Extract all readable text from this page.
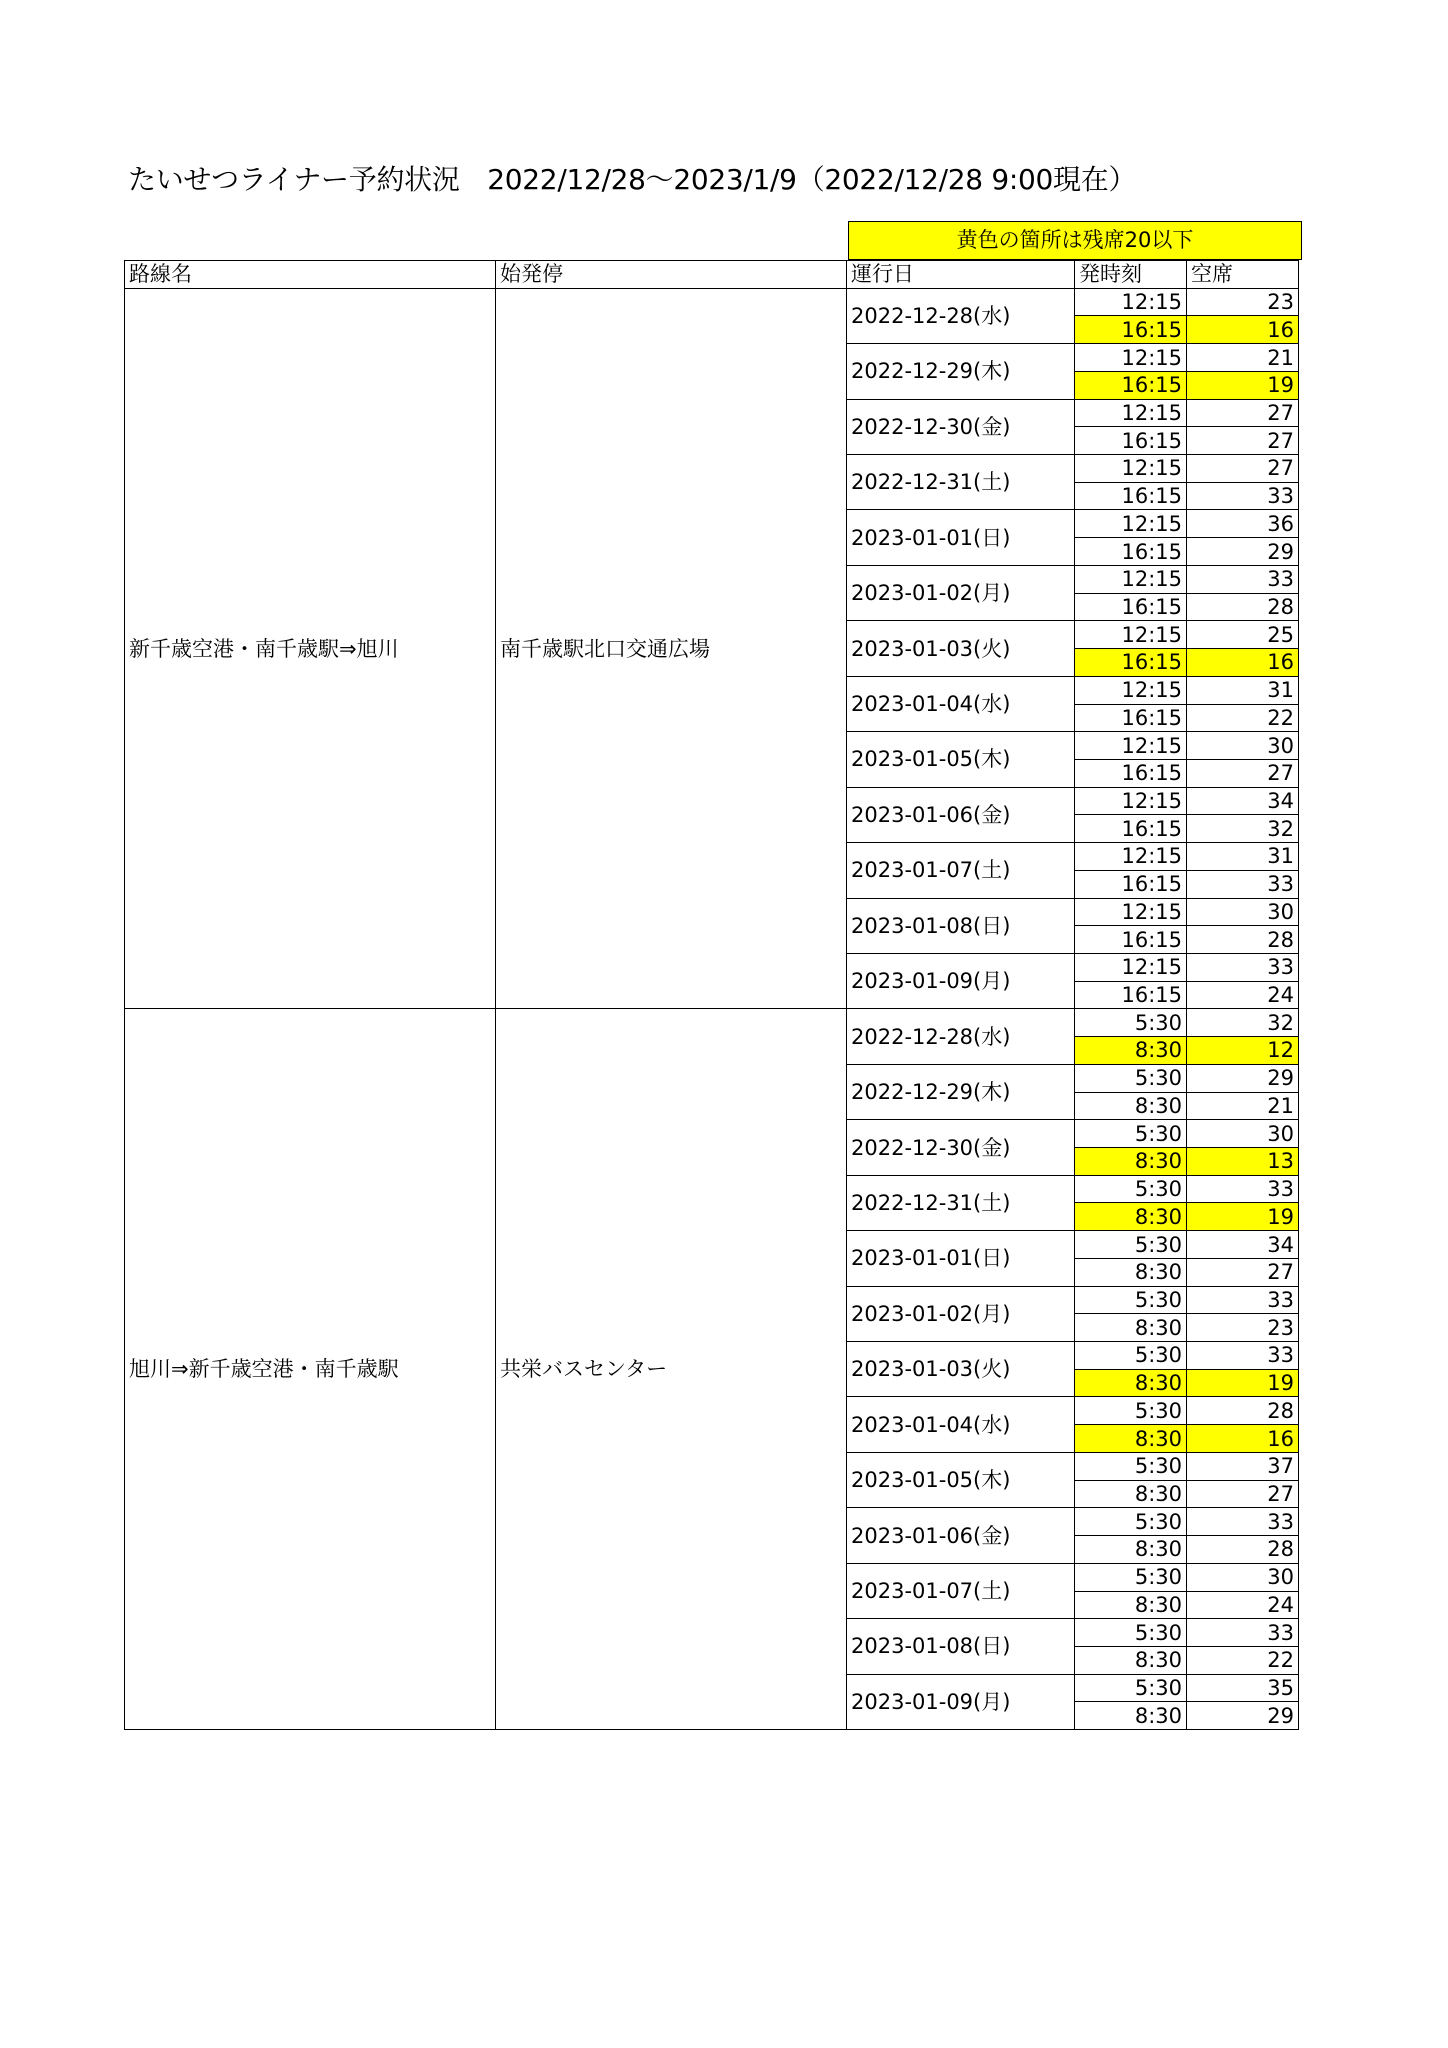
たいせつライナー予約状況　2022/12/28〜2023/1/9（2022/12/28 9:00現在）
黄色の箇所は残席20以下
路線名	始発停	運行日	発時刻	空席
新千歳空港・南千歳駅⇒旭川	南千歳駅北口交通広場	2022-12-28(水)	12:15	23
			16:15	16
		2022-12-29(木)	12:15	21
			16:15	19
		2022-12-30(金)	12:15	27
			16:15	27
		2022-12-31(土)	12:15	27
			16:15	33
		2023-01-01(日)	12:15	36
			16:15	29
		2023-01-02(月)	12:15	33
			16:15	28
		2023-01-03(火)	12:15	25
			16:15	16
		2023-01-04(水)	12:15	31
			16:15	22
		2023-01-05(木)	12:15	30
			16:15	27
		2023-01-06(金)	12:15	34
			16:15	32
		2023-01-07(土)	12:15	31
			16:15	33
		2023-01-08(日)	12:15	30
			16:15	28
		2023-01-09(月)	12:15	33
			16:15	24
旭川⇒新千歳空港・南千歳駅	共栄バスセンター	2022-12-28(水)	5:30	32
			8:30	12
		2022-12-29(木)	5:30	29
			8:30	21
		2022-12-30(金)	5:30	30
			8:30	13
		2022-12-31(土)	5:30	33
			8:30	19
		2023-01-01(日)	5:30	34
			8:30	27
		2023-01-02(月)	5:30	33
			8:30	23
		2023-01-03(火)	5:30	33
			8:30	19
		2023-01-04(水)	5:30	28
			8:30	16
		2023-01-05(木)	5:30	37
			8:30	27
		2023-01-06(金)	5:30	33
			8:30	28
		2023-01-07(土)	5:30	30
			8:30	24
		2023-01-08(日)	5:30	33
			8:30	22
		2023-01-09(月)	5:30	35
			8:30	29
